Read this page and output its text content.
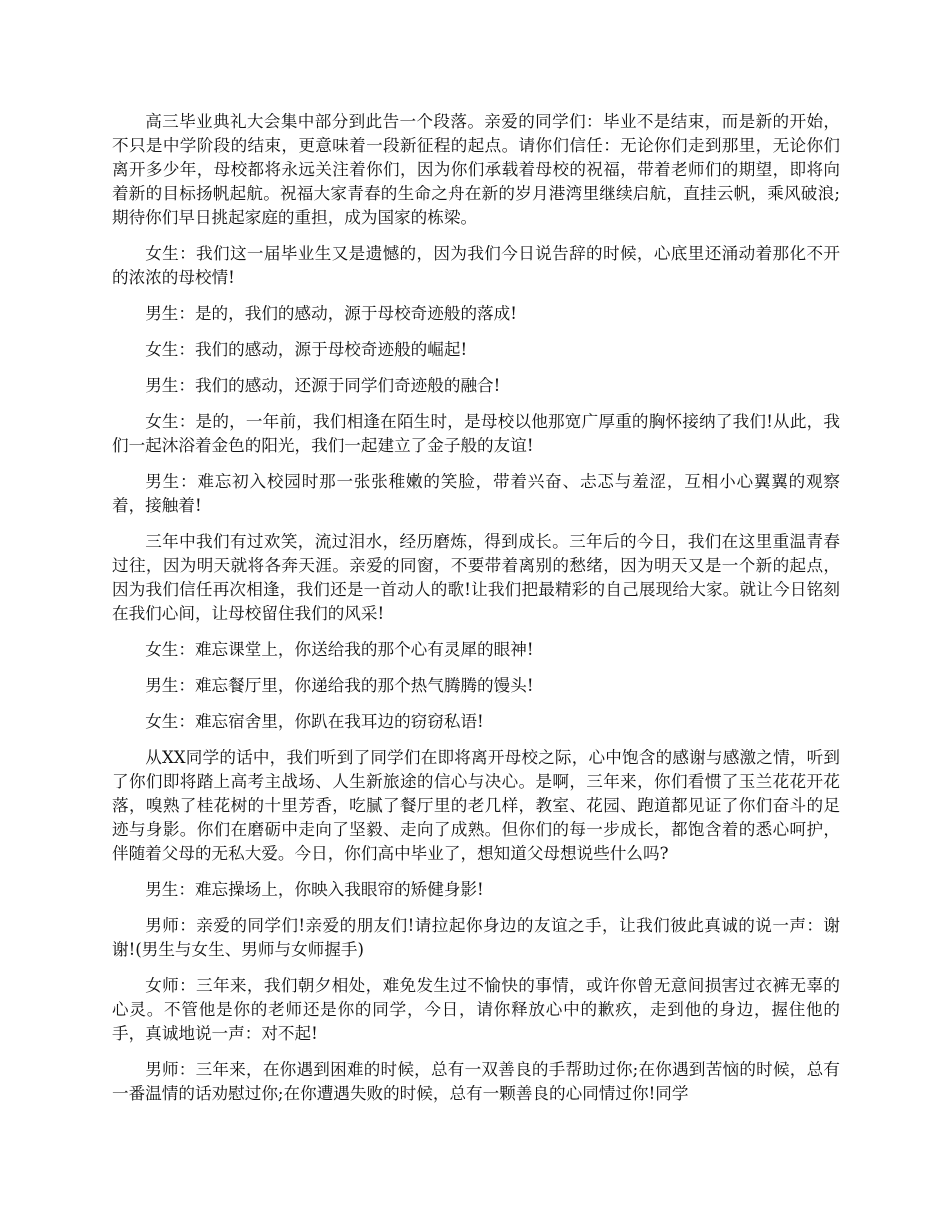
高三毕业典礼大会集中部分到此告一个段落。亲爱的同学们：毕业不是结束，而是新的开始，不只是中学阶段的结束，更意味着一段新征程的起点。请你们信任：无论你们走到那里，无论你们离开多少年，母校都将永远关注着你们，因为你们承载着母校的祝福，带着老师们的期望，即将向着新的目标扬帆起航。祝福大家青春的生命之舟在新的岁月港湾里继续启航，直挂云帆，乘风破浪;期待你们早日挑起家庭的重担，成为国家的栋梁。

女生：我们这一届毕业生又是遗憾的，因为我们今日说告辞的时候，心底里还涌动着那化不开的浓浓的母校情!

男生：是的，我们的感动，源于母校奇迹般的落成!

女生：我们的感动，源于母校奇迹般的崛起!

男生：我们的感动，还源于同学们奇迹般的融合!

女生：是的，一年前，我们相逢在陌生时，是母校以他那宽广厚重的胸怀接纳了我们!从此，我们一起沐浴着金色的阳光，我们一起建立了金子般的友谊!

男生：难忘初入校园时那一张张稚嫩的笑脸，带着兴奋、忐忑与羞涩，互相小心翼翼的观察着，接触着!

三年中我们有过欢笑，流过泪水，经历磨炼，得到成长。三年后的今日，我们在这里重温青春过往，因为明天就将各奔天涯。亲爱的同窗，不要带着离别的愁绪，因为明天又是一个新的起点，因为我们信任再次相逢，我们还是一首动人的歌!让我们把最精彩的自己展现给大家。就让今日铭刻在我们心间，让母校留住我们的风采!

女生：难忘课堂上，你送给我的那个心有灵犀的眼神!

男生：难忘餐厅里，你递给我的那个热气腾腾的馒头!

女生：难忘宿舍里，你趴在我耳边的窃窃私语!

从XX同学的话中，我们听到了同学们在即将离开母校之际，心中饱含的感谢与感激之情，听到了你们即将踏上高考主战场、人生新旅途的信心与决心。是啊，三年来，你们看惯了玉兰花花开花落，嗅熟了桂花树的十里芳香，吃腻了餐厅里的老几样，教室、花园、跑道都见证了你们奋斗的足迹与身影。你们在磨砺中走向了坚毅、走向了成熟。但你们的每一步成长，都饱含着的悉心呵护，伴随着父母的无私大爱。今日，你们高中毕业了，想知道父母想说些什么吗?

男生：难忘操场上，你映入我眼帘的矫健身影!

男师：亲爱的同学们!亲爱的朋友们!请拉起你身边的友谊之手，让我们彼此真诚的说一声：谢谢!(男生与女生、男师与女师握手)

女师：三年来，我们朝夕相处，难免发生过不愉快的事情，或许你曾无意间损害过衣裤无辜的心灵。不管他是你的老师还是你的同学，今日，请你释放心中的歉疚，走到他的身边，握住他的手，真诚地说一声：对不起!

男师：三年来，在你遇到困难的时候，总有一双善良的手帮助过你;在你遇到苦恼的时候，总有一番温情的话劝慰过你;在你遭遇失败的时候，总有一颗善良的心同情过你!同学
